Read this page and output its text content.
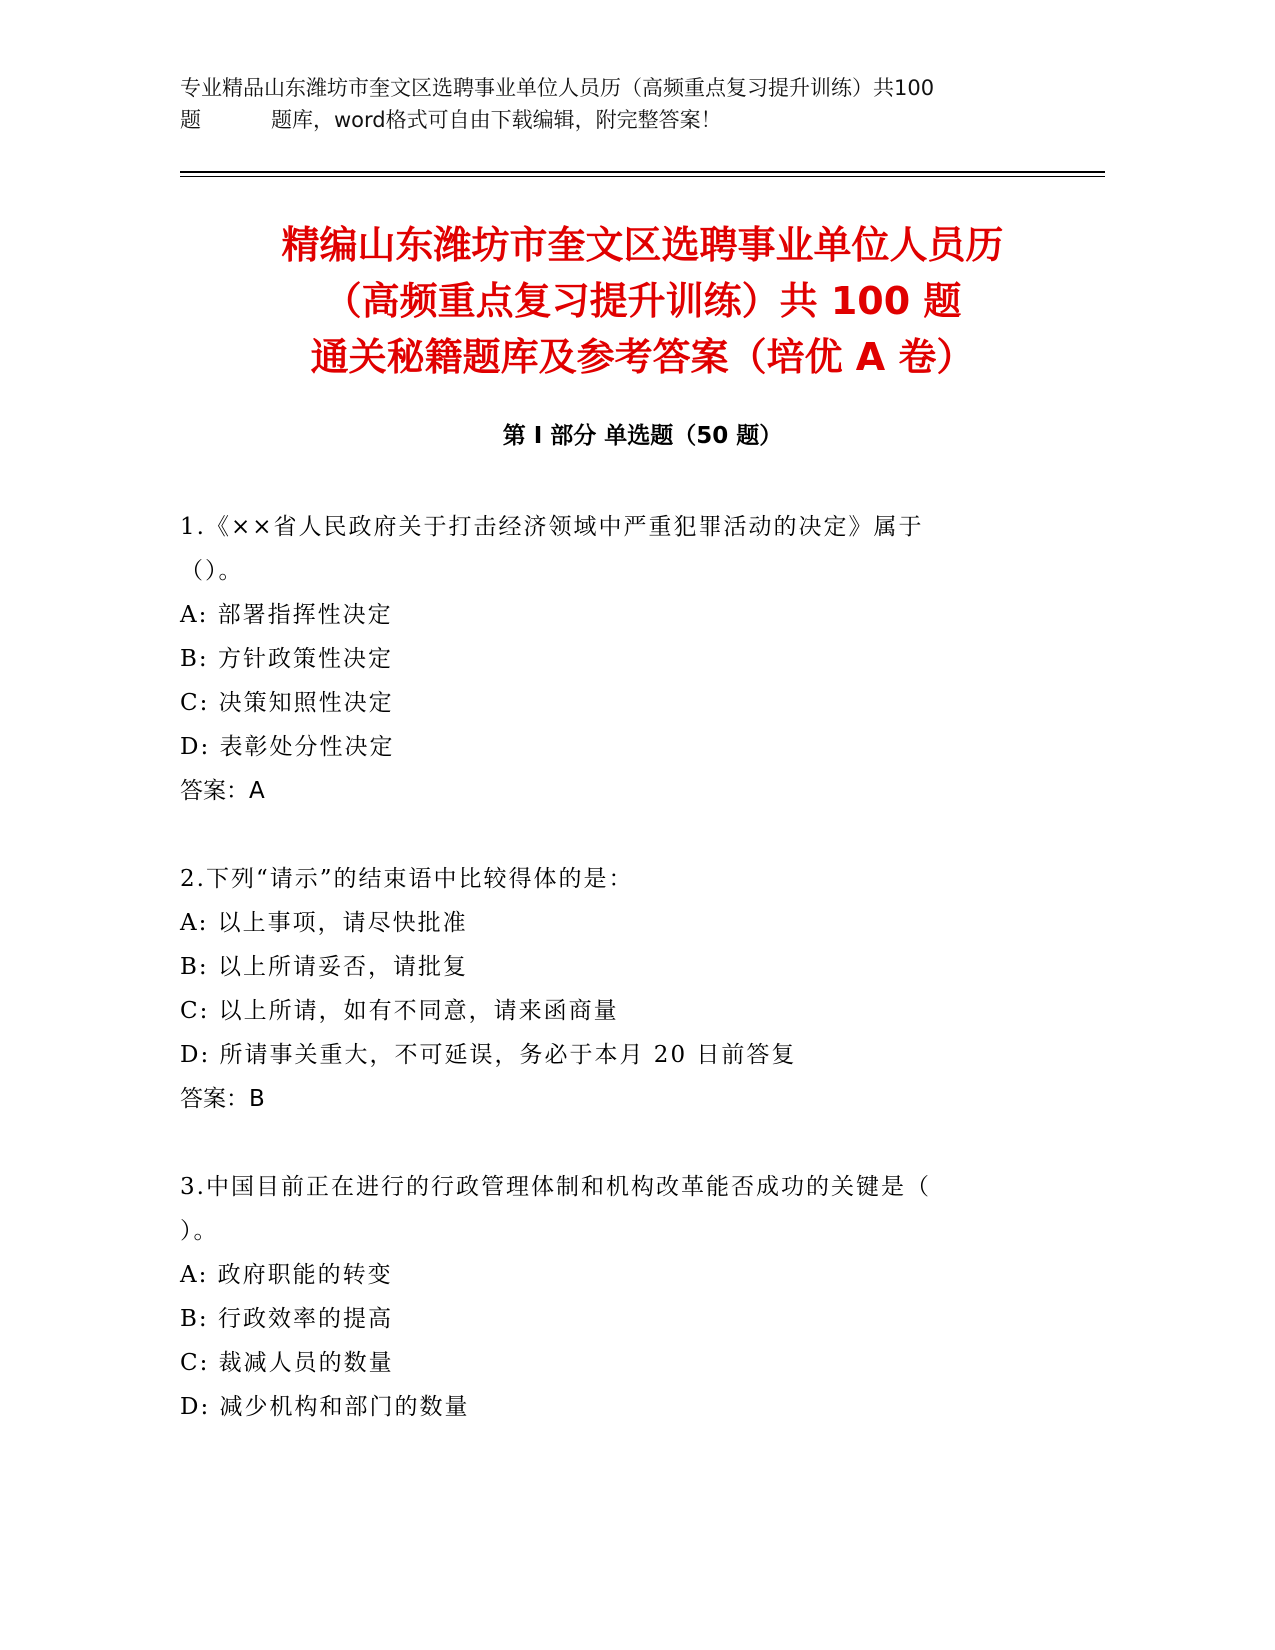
专业精品山东潍坊市奎文区选聘事业单位人员历（高频重点复习提升训练）共100
题	题库，word格式可自由下载编辑，附完整答案！
精编山东潍坊市奎文区选聘事业单位人员历
（高频重点复习提升训练）共 100 题
通关秘籍题库及参考答案（培优 A 卷）
第 I 部分 单选题（50 题）
1.《××省人民政府关于打击经济领域中严重犯罪活动的决定》属于
（）。
A: 部署指挥性决定
B: 方针政策性决定
C: 决策知照性决定
D: 表彰处分性决定
答案：A
2.下列“请示”的结束语中比较得体的是：
A: 以上事项，请尽快批准
B: 以上所请妥否，请批复
C: 以上所请，如有不同意，请来函商量
D: 所请事关重大，不可延误，务必于本月 20 日前答复
答案：B
3.中国目前正在进行的行政管理体制和机构改革能否成功的关键是（
）。
A: 政府职能的转变
B: 行政效率的提高
C: 裁减人员的数量
D: 减少机构和部门的数量
